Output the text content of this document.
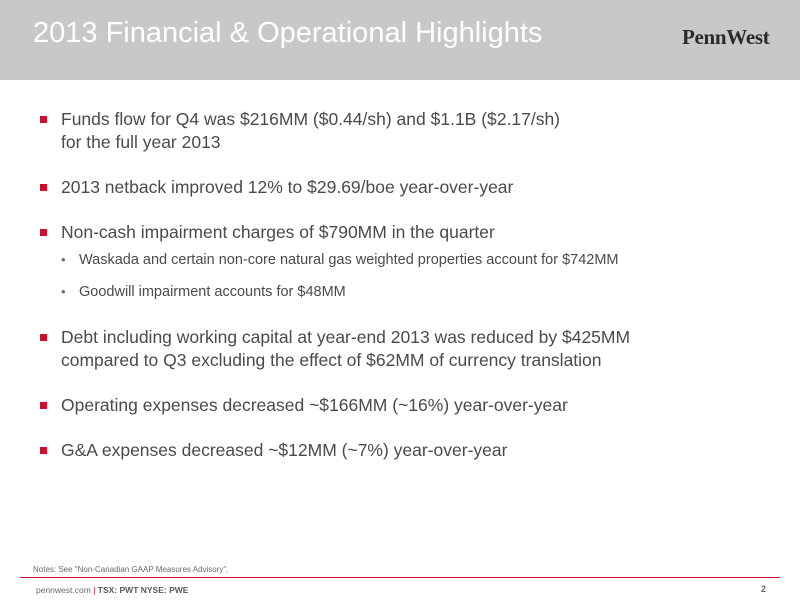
2013 Financial & Operational Highlights	PennWest
Funds flow for Q4 was $216MM ($0.44/sh) and $1.1B ($2.17/sh)
for the full year 2013
2013 netback improved 12% to $29.69/boe year-over-year
Non-cash impairment charges of $790MM in the quarter
• Waskada and certain non-core natural gas weighted properties account for $742MM
• Goodwill impairment accounts for $48MM
Debt including working capital at year-end 2013 was reduced by $425MM
compared to Q3 excluding the effect of $62MM of currency translation
Operating expenses decreased ~$166MM (~16%) year-over-year
G&A expenses decreased ~$12MM (~7%) year-over-year
Notes: See "Non-Canadian GAAP Measures Advisory".
pennwest.com | TSX: PWT NYSE: PWE	2
